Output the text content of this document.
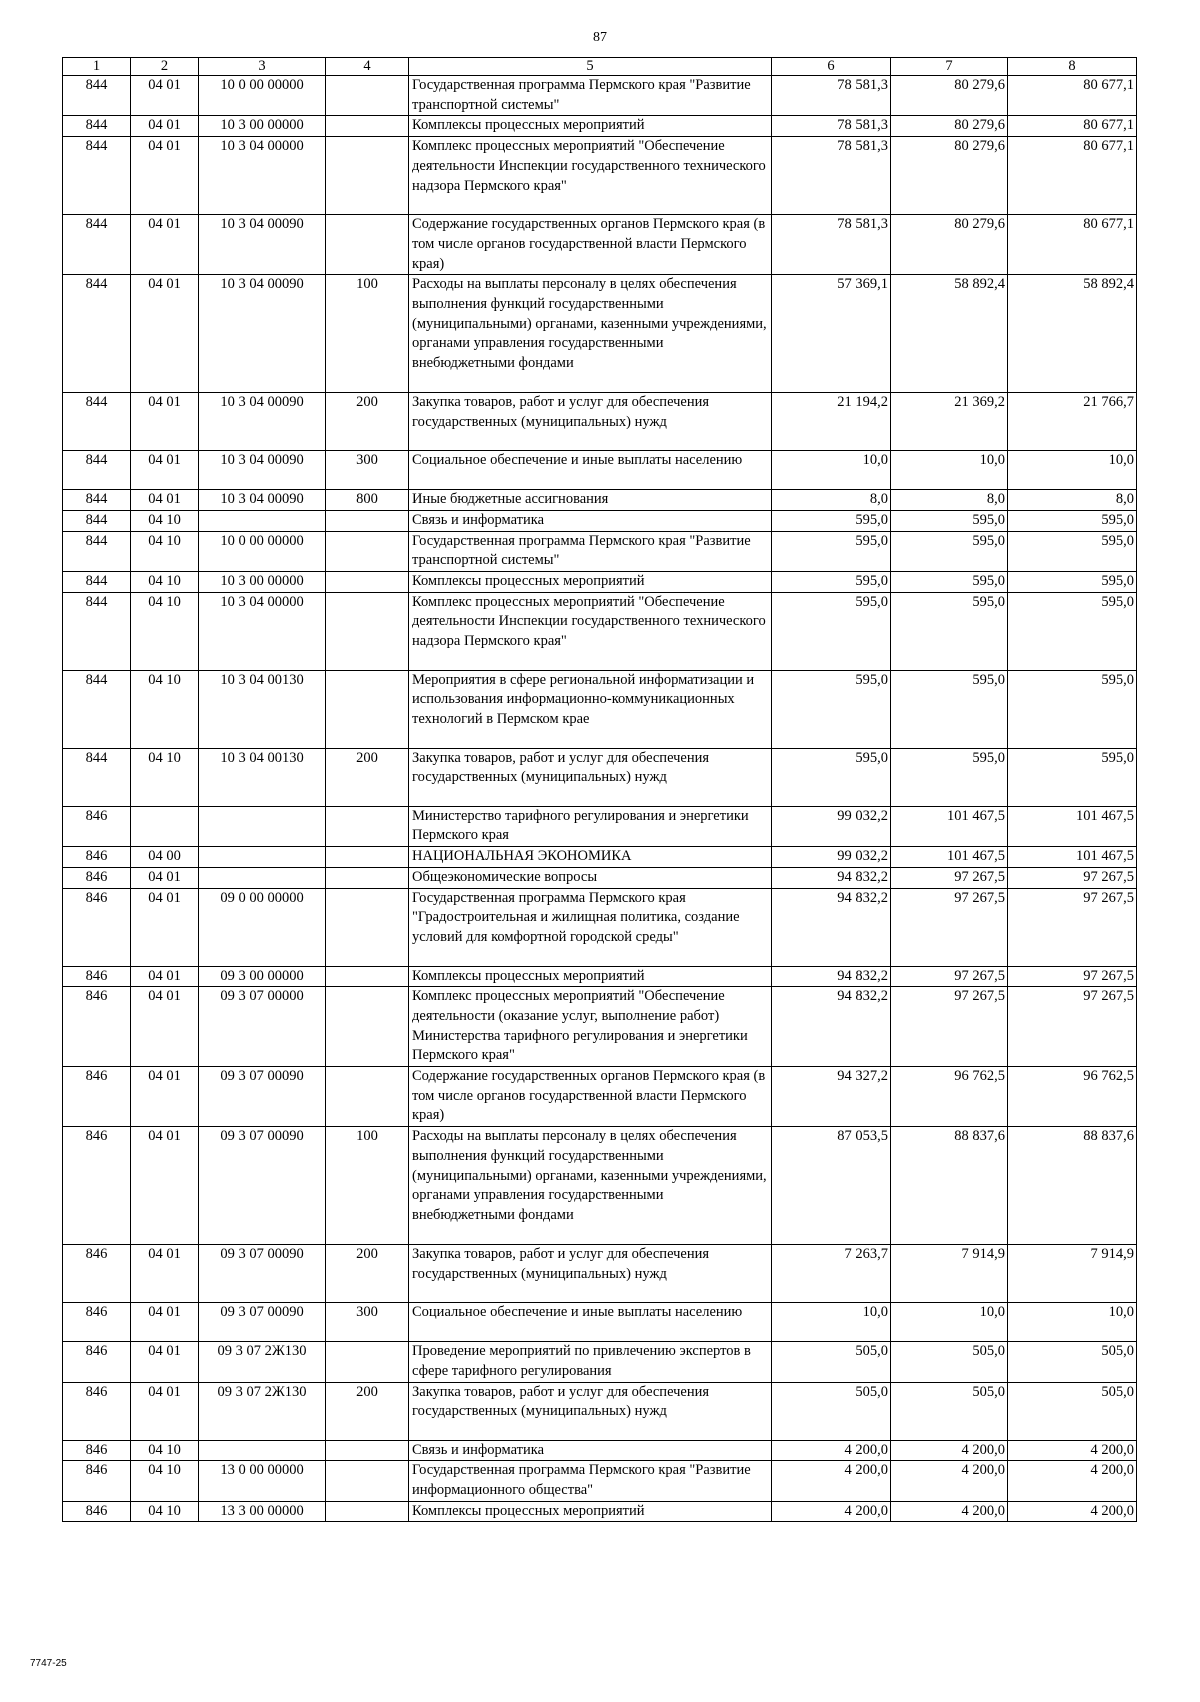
87
1	2	3	4	5	6	7	8
844	04 01	10 0 00 00000		Государственная программа Пермского края "Развитие транспортной системы"	78 581,3	80 279,6	80 677,1
844	04 01	10 3 00 00000		Комплексы процессных мероприятий	78 581,3	80 279,6	80 677,1
844	04 01	10 3 04 00000		Комплекс процессных мероприятий "Обеспечение деятельности Инспекции государственного технического надзора Пермского края"	78 581,3	80 279,6	80 677,1
844	04 01	10 3 04 00090		Содержание государственных органов Пермского края (в том числе органов государственной власти Пермского края)	78 581,3	80 279,6	80 677,1
844	04 01	10 3 04 00090	100	Расходы на выплаты персоналу в целях обеспечения выполнения функций государственными (муниципальными) органами, казенными учреждениями, органами управления государственными внебюджетными фондами	57 369,1	58 892,4	58 892,4
844	04 01	10 3 04 00090	200	Закупка товаров, работ и услуг для обеспечения государственных (муниципальных) нужд	21 194,2	21 369,2	21 766,7
844	04 01	10 3 04 00090	300	Социальное обеспечение и иные выплаты населению	10,0	10,0	10,0
844	04 01	10 3 04 00090	800	Иные бюджетные ассигнования	8,0	8,0	8,0
844	04 10			Связь и информатика	595,0	595,0	595,0
844	04 10	10 0 00 00000		Государственная программа Пермского края "Развитие транспортной системы"	595,0	595,0	595,0
844	04 10	10 3 00 00000		Комплексы процессных мероприятий	595,0	595,0	595,0
844	04 10	10 3 04 00000		Комплекс процессных мероприятий "Обеспечение деятельности Инспекции государственного технического надзора Пермского края"	595,0	595,0	595,0
844	04 10	10 3 04 00130		Мероприятия в сфере региональной информатизации и использования информационно-коммуникационных технологий в Пермском крае	595,0	595,0	595,0
844	04 10	10 3 04 00130	200	Закупка товаров, работ и услуг для обеспечения государственных (муниципальных) нужд	595,0	595,0	595,0
846				Министерство тарифного регулирования и энергетики Пермского края	99 032,2	101 467,5	101 467,5
846	04 00			НАЦИОНАЛЬНАЯ ЭКОНОМИКА	99 032,2	101 467,5	101 467,5
846	04 01			Общеэкономические вопросы	94 832,2	97 267,5	97 267,5
846	04 01	09 0 00 00000		Государственная программа Пермского края "Градостроительная и жилищная политика, создание условий для комфортной городской среды"	94 832,2	97 267,5	97 267,5
846	04 01	09 3 00 00000		Комплексы процессных мероприятий	94 832,2	97 267,5	97 267,5
846	04 01	09 3 07 00000		Комплекс процессных мероприятий "Обеспечение деятельности (оказание услуг, выполнение работ) Министерства тарифного регулирования и энергетики Пермского края"	94 832,2	97 267,5	97 267,5
846	04 01	09 3 07 00090		Содержание государственных органов Пермского края (в том числе органов государственной власти Пермского края)	94 327,2	96 762,5	96 762,5
846	04 01	09 3 07 00090	100	Расходы на выплаты персоналу в целях обеспечения выполнения функций государственными (муниципальными) органами, казенными учреждениями, органами управления государственными внебюджетными фондами	87 053,5	88 837,6	88 837,6
846	04 01	09 3 07 00090	200	Закупка товаров, работ и услуг для обеспечения государственных (муниципальных) нужд	7 263,7	7 914,9	7 914,9
846	04 01	09 3 07 00090	300	Социальное обеспечение и иные выплаты населению	10,0	10,0	10,0
846	04 01	09 3 07 2Ж130		Проведение мероприятий по привлечению экспертов в сфере тарифного регулирования	505,0	505,0	505,0
846	04 01	09 3 07 2Ж130	200	Закупка товаров, работ и услуг для обеспечения государственных (муниципальных) нужд	505,0	505,0	505,0
846	04 10			Связь и информатика	4 200,0	4 200,0	4 200,0
846	04 10	13 0 00 00000		Государственная программа Пермского края "Развитие информационного общества"	4 200,0	4 200,0	4 200,0
846	04 10	13 3 00 00000		Комплексы процессных мероприятий	4 200,0	4 200,0	4 200,0
7747-25
